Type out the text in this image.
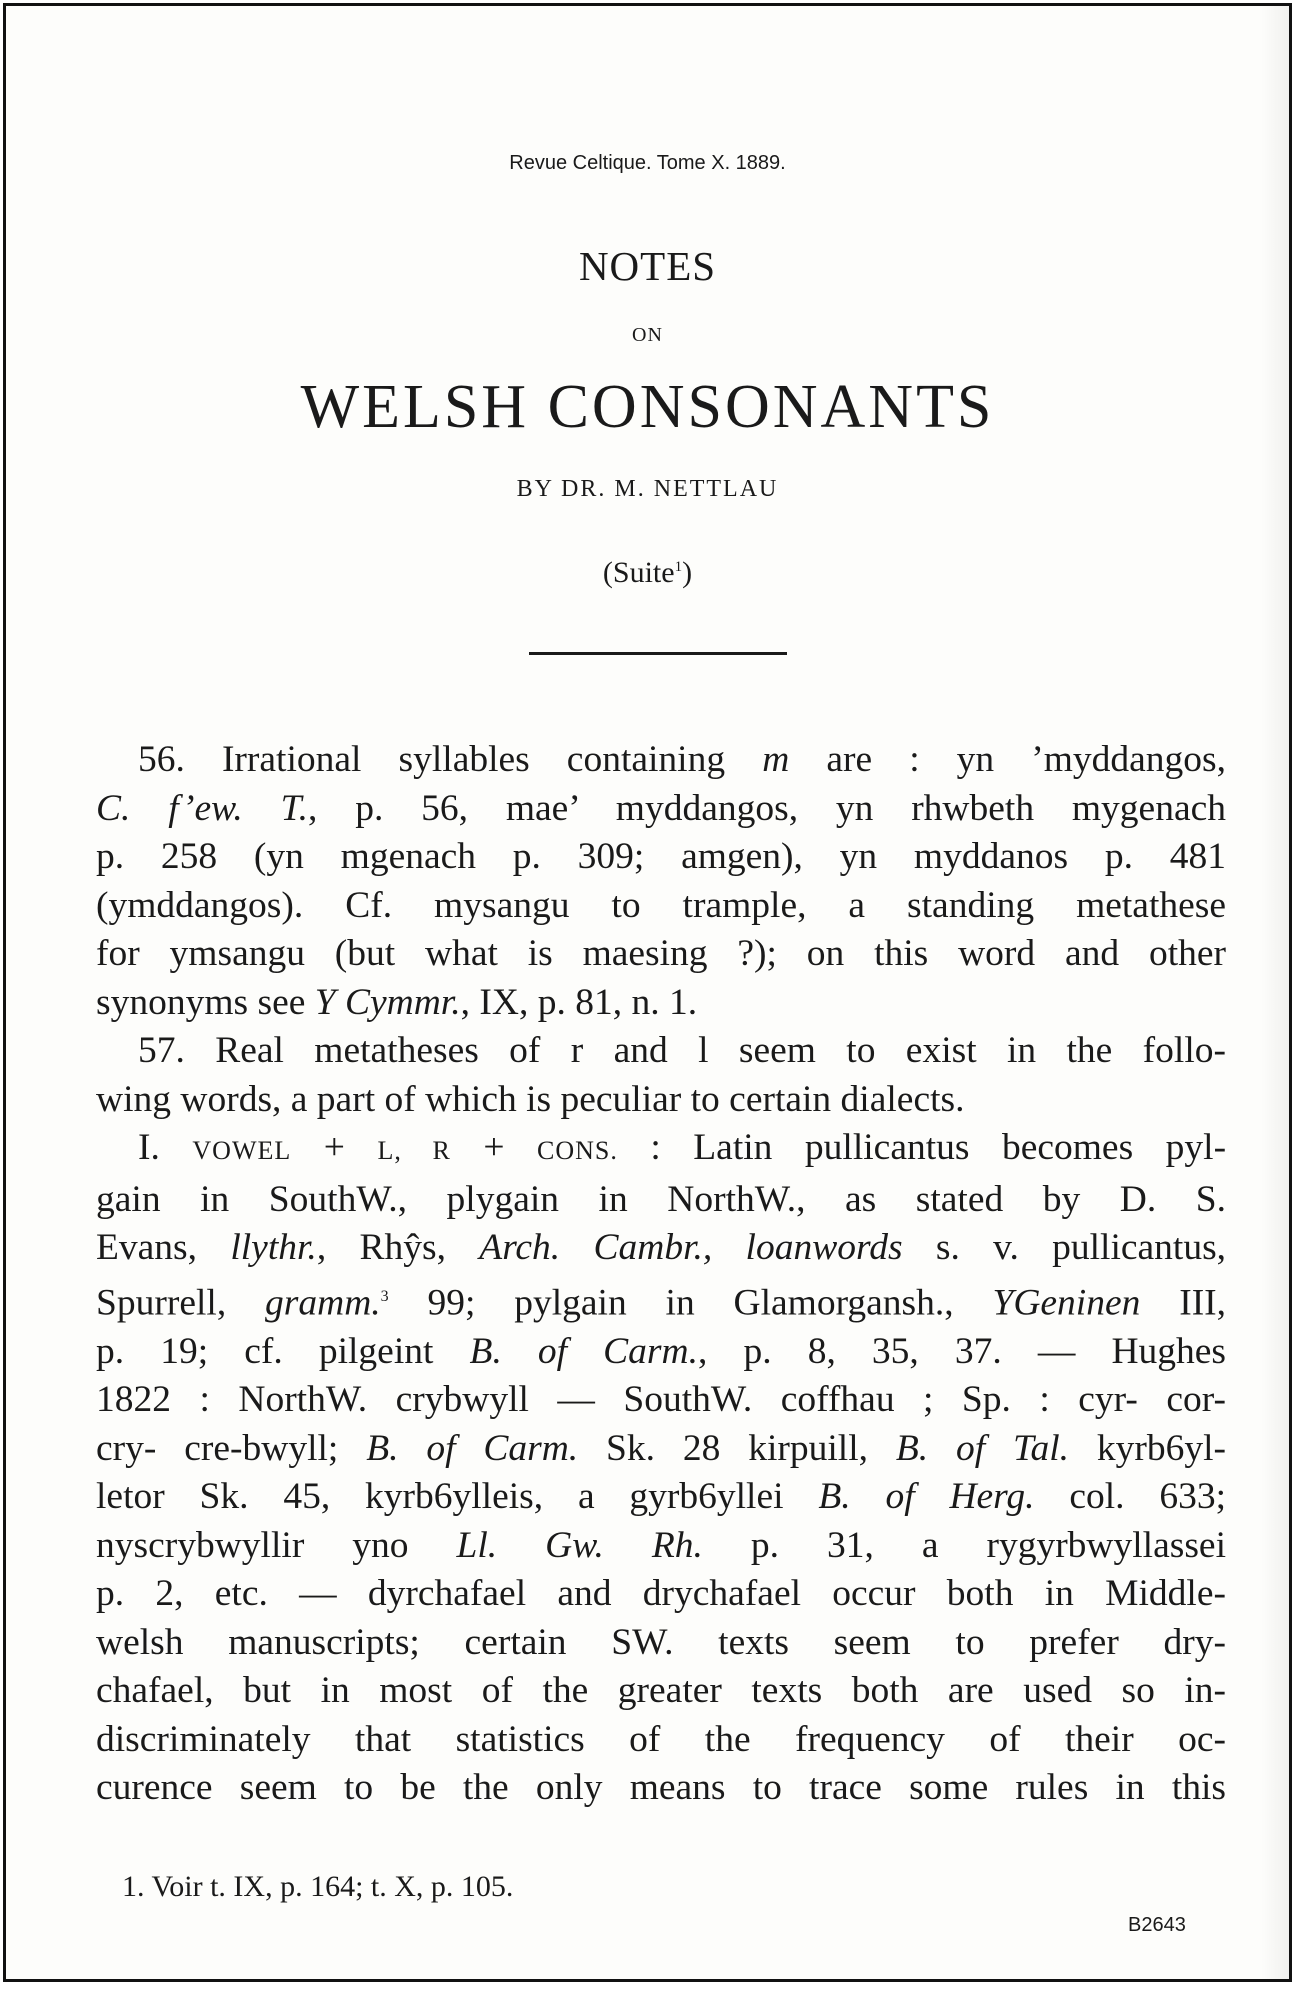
Revue Celtique. Tome X. 1889.
NOTES
ON
WELSH CONSONANTS
BY DR. M. NETTLAU
(Suite$^1$)
56. Irrational syllables containing m are : yn ’myddangos,
C. f’ew. T., p. 56, mae’ myddangos, yn rhwbeth mygenach
p. 258 (yn mgenach p. 309; amgen), yn myddanos p. 481
(ymddangos). Cf. mysangu to trample, a standing metathese
for ymsangu (but what is maesing ?); on this word and other
synonyms see Y Cymmr., IX, p. 81, n. 1.
57. Real metatheses of r and l seem to exist in the follo-
wing words, a part of which is peculiar to certain dialects.
I. VOWEL + L, R + CONS. : Latin pullicantus becomes pyl-
gain in SouthW., plygain in NorthW., as stated by D. S.
Evans, llythr., Rhŷs, Arch. Cambr., loanwords s. v. pullicantus,
Spurrell, gramm.$^3$ 99; pylgain in Glamorgansh., YGeninen III,
p. 19; cf. pilgeint B. of Carm., p. 8, 35, 37. — Hughes
1822 : NorthW. crybwyll — SouthW. coffhau ; Sp. : cyr- cor-
cry- cre-bwyll; B. of Carm. Sk. 28 kirpuill, B. of Tal. kyrb6yl-
letor Sk. 45, kyrb6ylleis, a gyrb6yllei B. of Herg. col. 633;
nyscrybwyllir yno Ll. Gw. Rh. p. 31, a rygyrbwyllassei
p. 2, etc. — dyrchafael and drychafael occur both in Middle-
welsh manuscripts; certain SW. texts seem to prefer dry-
chafael, but in most of the greater texts both are used so in-
discriminately that statistics of the frequency of their oc-
curence seem to be the only means to trace some rules in this
1. Voir t. IX, p. 164; t. X, p. 105.
B2643
